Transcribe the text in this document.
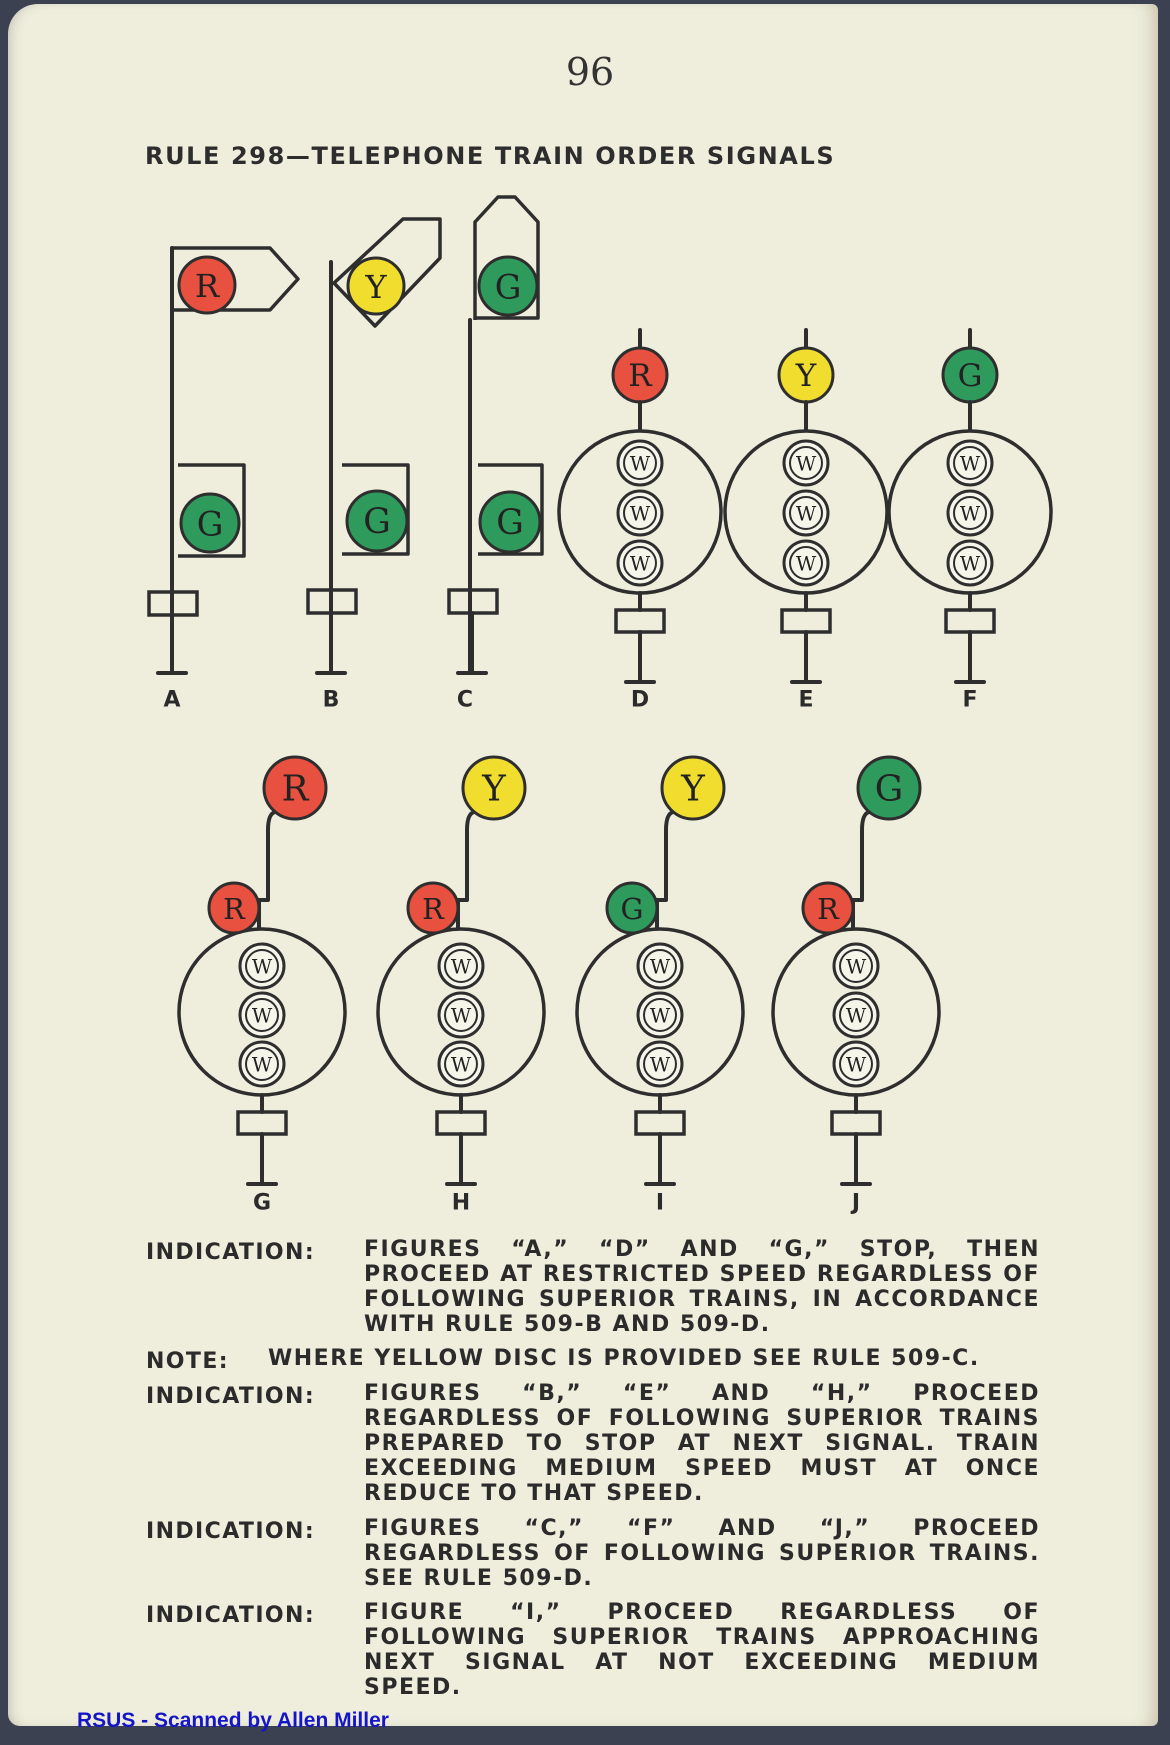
96
RULE 298—TELEPHONE TRAIN ORDER SIGNALS
R
G
A
Y
G
B
G
G
C
R
W
W
W
D
Y
W
W
W
E
G
W
W
W
F
W
W
W
R
R
G
W
W
W
Y
R
H
W
W
W
Y
G
I
W
W
W
G
R
J
INDICATION: FIGURES “A,” “D” AND “G,” STOP, THEN PROCEED AT RESTRICTED SPEED REGARDLESS OF FOLLOWING SUPERIOR TRAINS, IN ACCORDANCE WITH RULE 509-B AND 509-D.
NOTE: WHERE YELLOW DISC IS PROVIDED SEE RULE 509-C.
INDICATION: FIGURES “B,” “E” AND “H,” PROCEED REGARDLESS OF FOLLOWING SUPERIOR TRAINS PREPARED TO STOP AT NEXT SIGNAL. TRAIN EXCEEDING MEDIUM SPEED MUST AT ONCE REDUCE TO THAT SPEED.
INDICATION: FIGURES “C,” “F” AND “J,” PROCEED REGARDLESS OF FOLLOWING SUPERIOR TRAINS. SEE RULE 509-D.
INDICATION: FIGURE “I,” PROCEED REGARDLESS OF FOLLOWING SUPERIOR TRAINS APPROACHING NEXT SIGNAL AT NOT EXCEEDING MEDIUM SPEED.
RSUS - Scanned by Allen Miller
